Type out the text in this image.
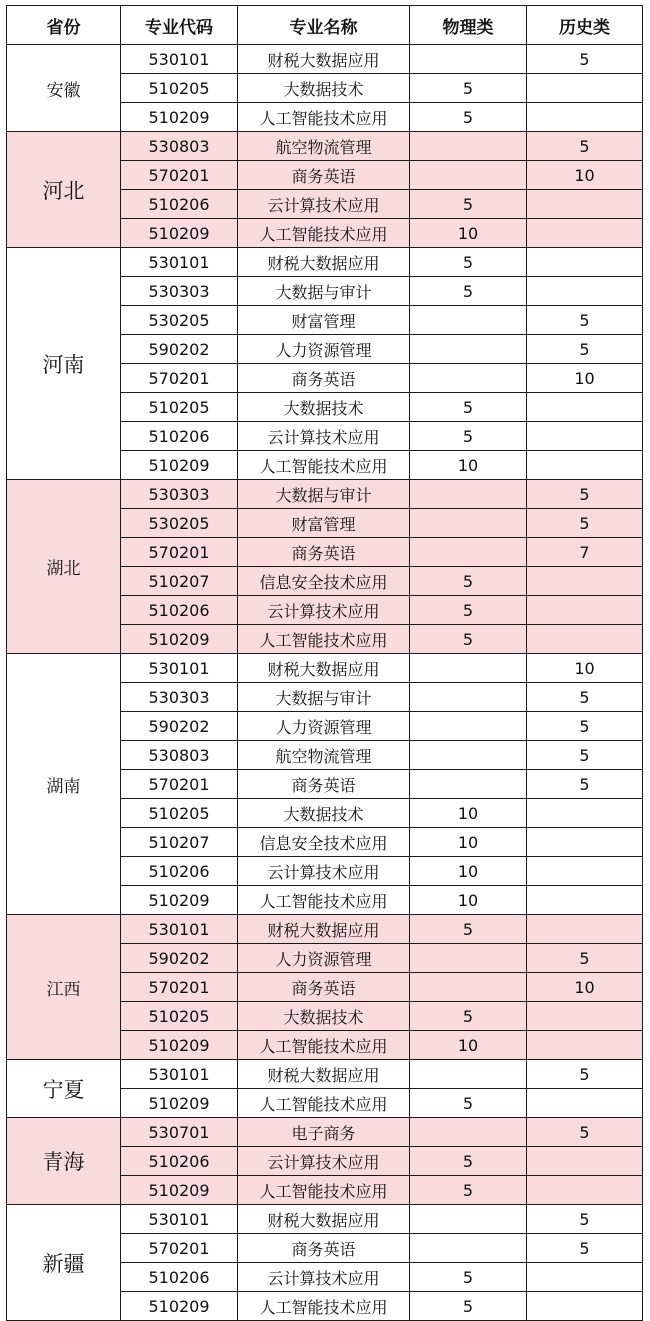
省份	专业代码	专业名称	物理类	历史类
安徽	530101	财税大数据应用		5
	510205	大数据技术	5	
	510209	人工智能技术应用	5	
河北	530803	航空物流管理		5
	570201	商务英语		10
	510206	云计算技术应用	5	
	510209	人工智能技术应用	10	
河南	530101	财税大数据应用	5	
	530303	大数据与审计	5	
	530205	财富管理		5
	590202	人力资源管理		5
	570201	商务英语		10
	510205	大数据技术	5	
	510206	云计算技术应用	5	
	510209	人工智能技术应用	10	
湖北	530303	大数据与审计		5
	530205	财富管理		5
	570201	商务英语		7
	510207	信息安全技术应用	5	
	510206	云计算技术应用	5	
	510209	人工智能技术应用	5	
湖南	530101	财税大数据应用		10
	530303	大数据与审计		5
	590202	人力资源管理		5
	530803	航空物流管理		5
	570201	商务英语		5
	510205	大数据技术	10	
	510207	信息安全技术应用	10	
	510206	云计算技术应用	10	
	510209	人工智能技术应用	10	
江西	530101	财税大数据应用	5	
	590202	人力资源管理		5
	570201	商务英语		10
	510205	大数据技术	5	
	510209	人工智能技术应用	10	
宁夏	530101	财税大数据应用		5
	510209	人工智能技术应用	5	
青海	530701	电子商务		5
	510206	云计算技术应用	5	
	510209	人工智能技术应用	5	
新疆	530101	财税大数据应用		5
	570201	商务英语		5
	510206	云计算技术应用	5	
	510209	人工智能技术应用	5	
